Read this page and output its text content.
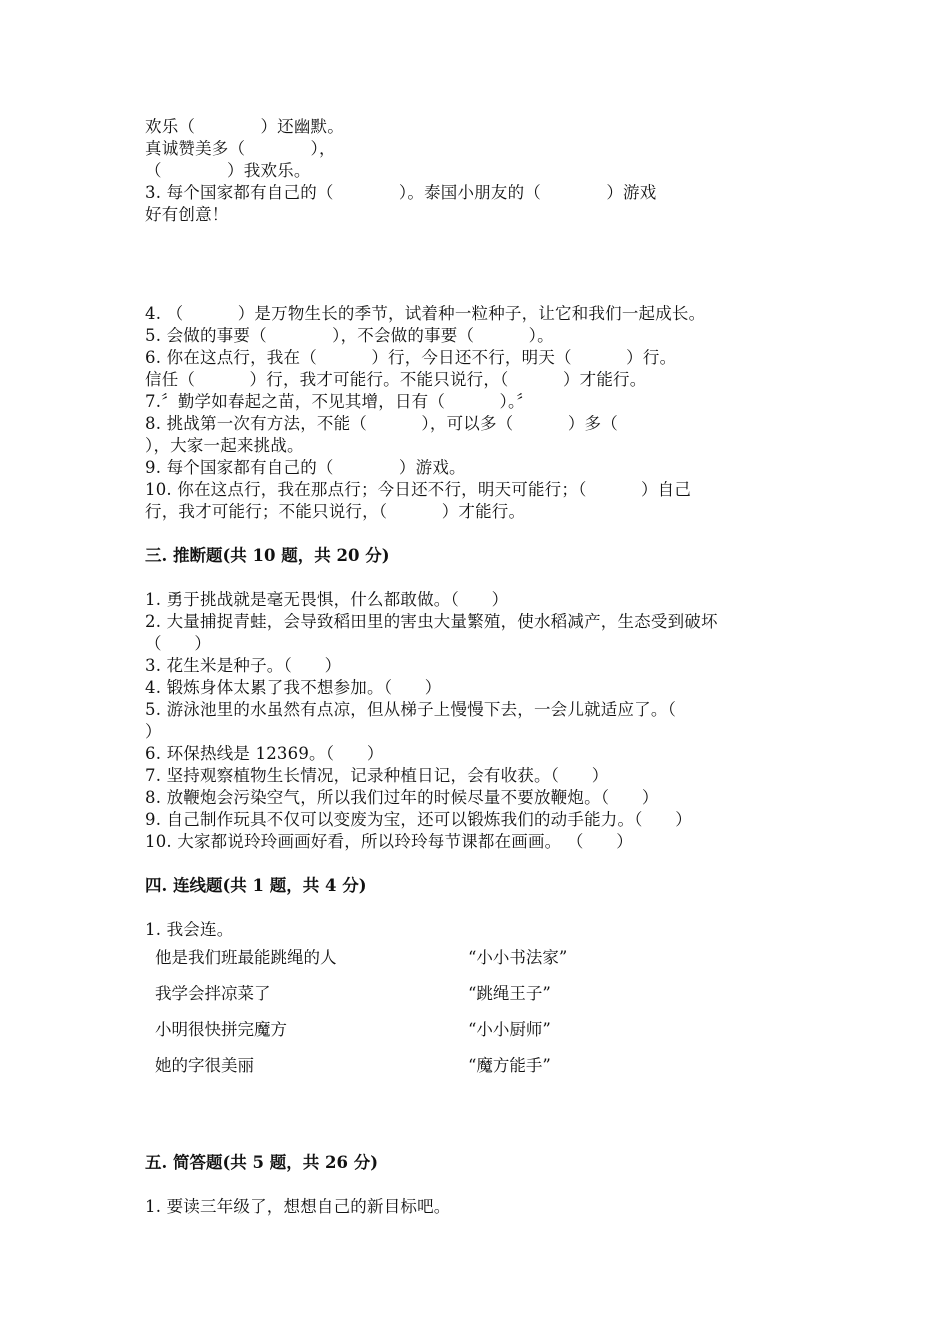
欢乐（            ）还幽默。
真诚赞美多（            ），
（            ）我欢乐。
3. 每个国家都有自己的（            ）。泰国小朋友的（            ）游戏
好有创意！
4. （          ）是万物生长的季节，试着种一粒种子，让它和我们一起成长。
5. 会做的事要（            ），不会做的事要（          ）。
6. 你在这点行，我在（          ）行，今日还不行，明天（          ）行。
信任（          ）行，我才可能行。不能只说行，（          ）才能行。
7.〞勤学如春起之苗，不见其增，日有（          ）。〞
8. 挑战第一次有方法，不能（          ），可以多（          ）多（
），大家一起来挑战。
9. 每个国家都有自己的（            ）游戏。
10. 你在这点行，我在那点行；今日还不行，明天可能行；（          ）自己
行，我才可能行；不能只说行，（          ）才能行。
三. 推断题(共 10 题，共 20 分)
1. 勇于挑战就是毫无畏惧，什么都敢做。（      ）
2. 大量捕捉青蛙，会导致稻田里的害虫大量繁殖，使水稻减产，生态受到破坏
（      ）
3. 花生米是种子。（      ）
4. 锻炼身体太累了我不想参加。（      ）
5. 游泳池里的水虽然有点凉，但从梯子上慢慢下去，一会儿就适应了。（
）
6. 环保热线是 12369。（      ）
7. 坚持观察植物生长情况，记录种植日记，会有收获。（      ）
8. 放鞭炮会污染空气，所以我们过年的时候尽量不要放鞭炮。（      ）
9. 自己制作玩具不仅可以变废为宝，还可以锻炼我们的动手能力。（      ）
10. 大家都说玲玲画画好看，所以玲玲每节课都在画画。 （      ）
四. 连线题(共 1 题，共 4 分)
1. 我会连。
他是我们班最能跳绳的人	“小小书法家”
我学会拌凉菜了	“跳绳王子”
小明很快拼完魔方	“小小厨师”
她的字很美丽	“魔方能手”
五. 简答题(共 5 题，共 26 分)
1. 要读三年级了，想想自己的新目标吧。
